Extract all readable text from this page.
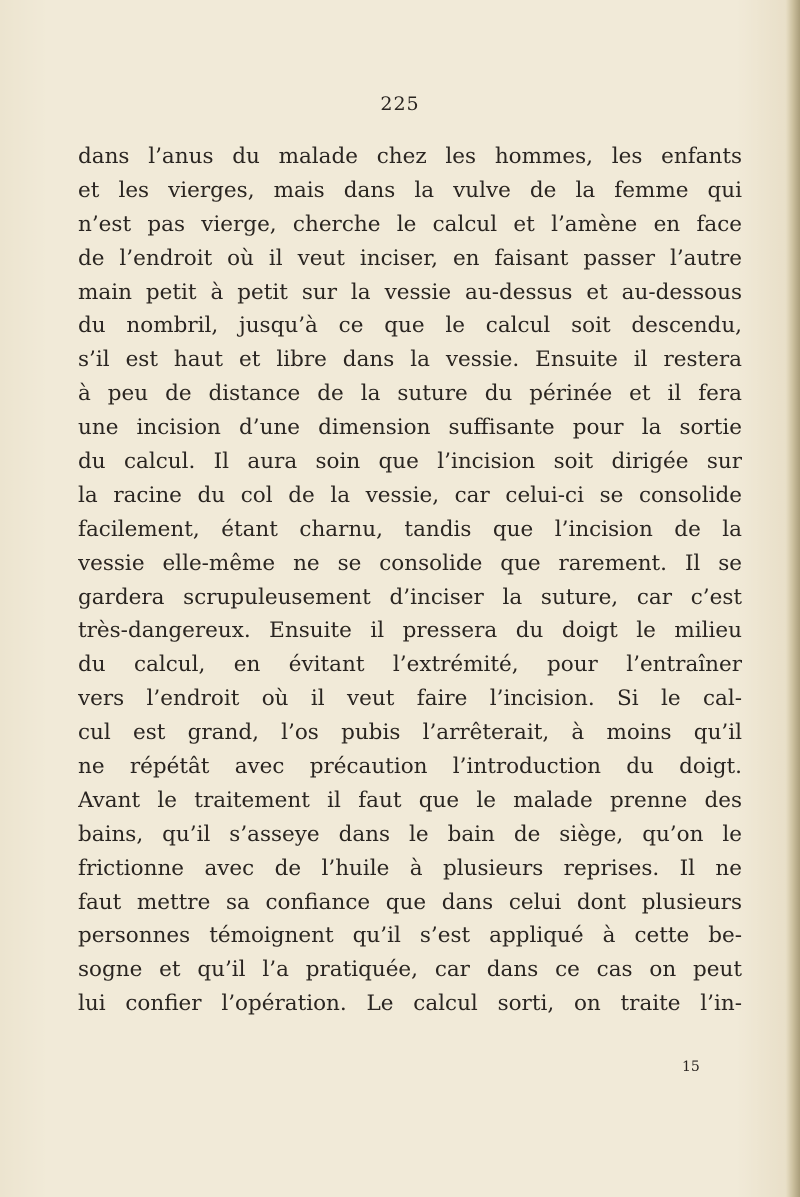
225
dans l’anus du malade chez les hommes, les enfants
et les vierges, mais dans la vulve de la femme qui
n’est pas vierge, cherche le calcul et l’amène en face
de l’endroit où il veut inciser, en faisant passer l’autre
main petit à petit sur la vessie au-dessus et au-dessous
du nombril, jusqu’à ce que le calcul soit descendu,
s’il est haut et libre dans la vessie. Ensuite il restera
à peu de distance de la suture du périnée et il fera
une incision d’une dimension suffisante pour la sortie
du calcul. Il aura soin que l’incision soit dirigée sur
la racine du col de la vessie, car celui-ci se consolide
facilement, étant charnu, tandis que l’incision de la
vessie elle-même ne se consolide que rarement. Il se
gardera scrupuleusement d’inciser la suture, car c’est
très-dangereux. Ensuite il pressera du doigt le milieu
du calcul, en évitant l’extrémité, pour l’entraîner
vers l’endroit où il veut faire l’incision. Si le cal-
cul est grand, l’os pubis l’arrêterait, à moins qu’il
ne répétât avec précaution l’introduction du doigt.
Avant le traitement il faut que le malade prenne des
bains, qu’il s’asseye dans le bain de siège, qu’on le
frictionne avec de l’huile à plusieurs reprises. Il ne
faut mettre sa confiance que dans celui dont plusieurs
personnes témoignent qu’il s’est appliqué à cette be-
sogne et qu’il l’a pratiquée, car dans ce cas on peut
lui confier l’opération. Le calcul sorti, on traite l’in-
15
